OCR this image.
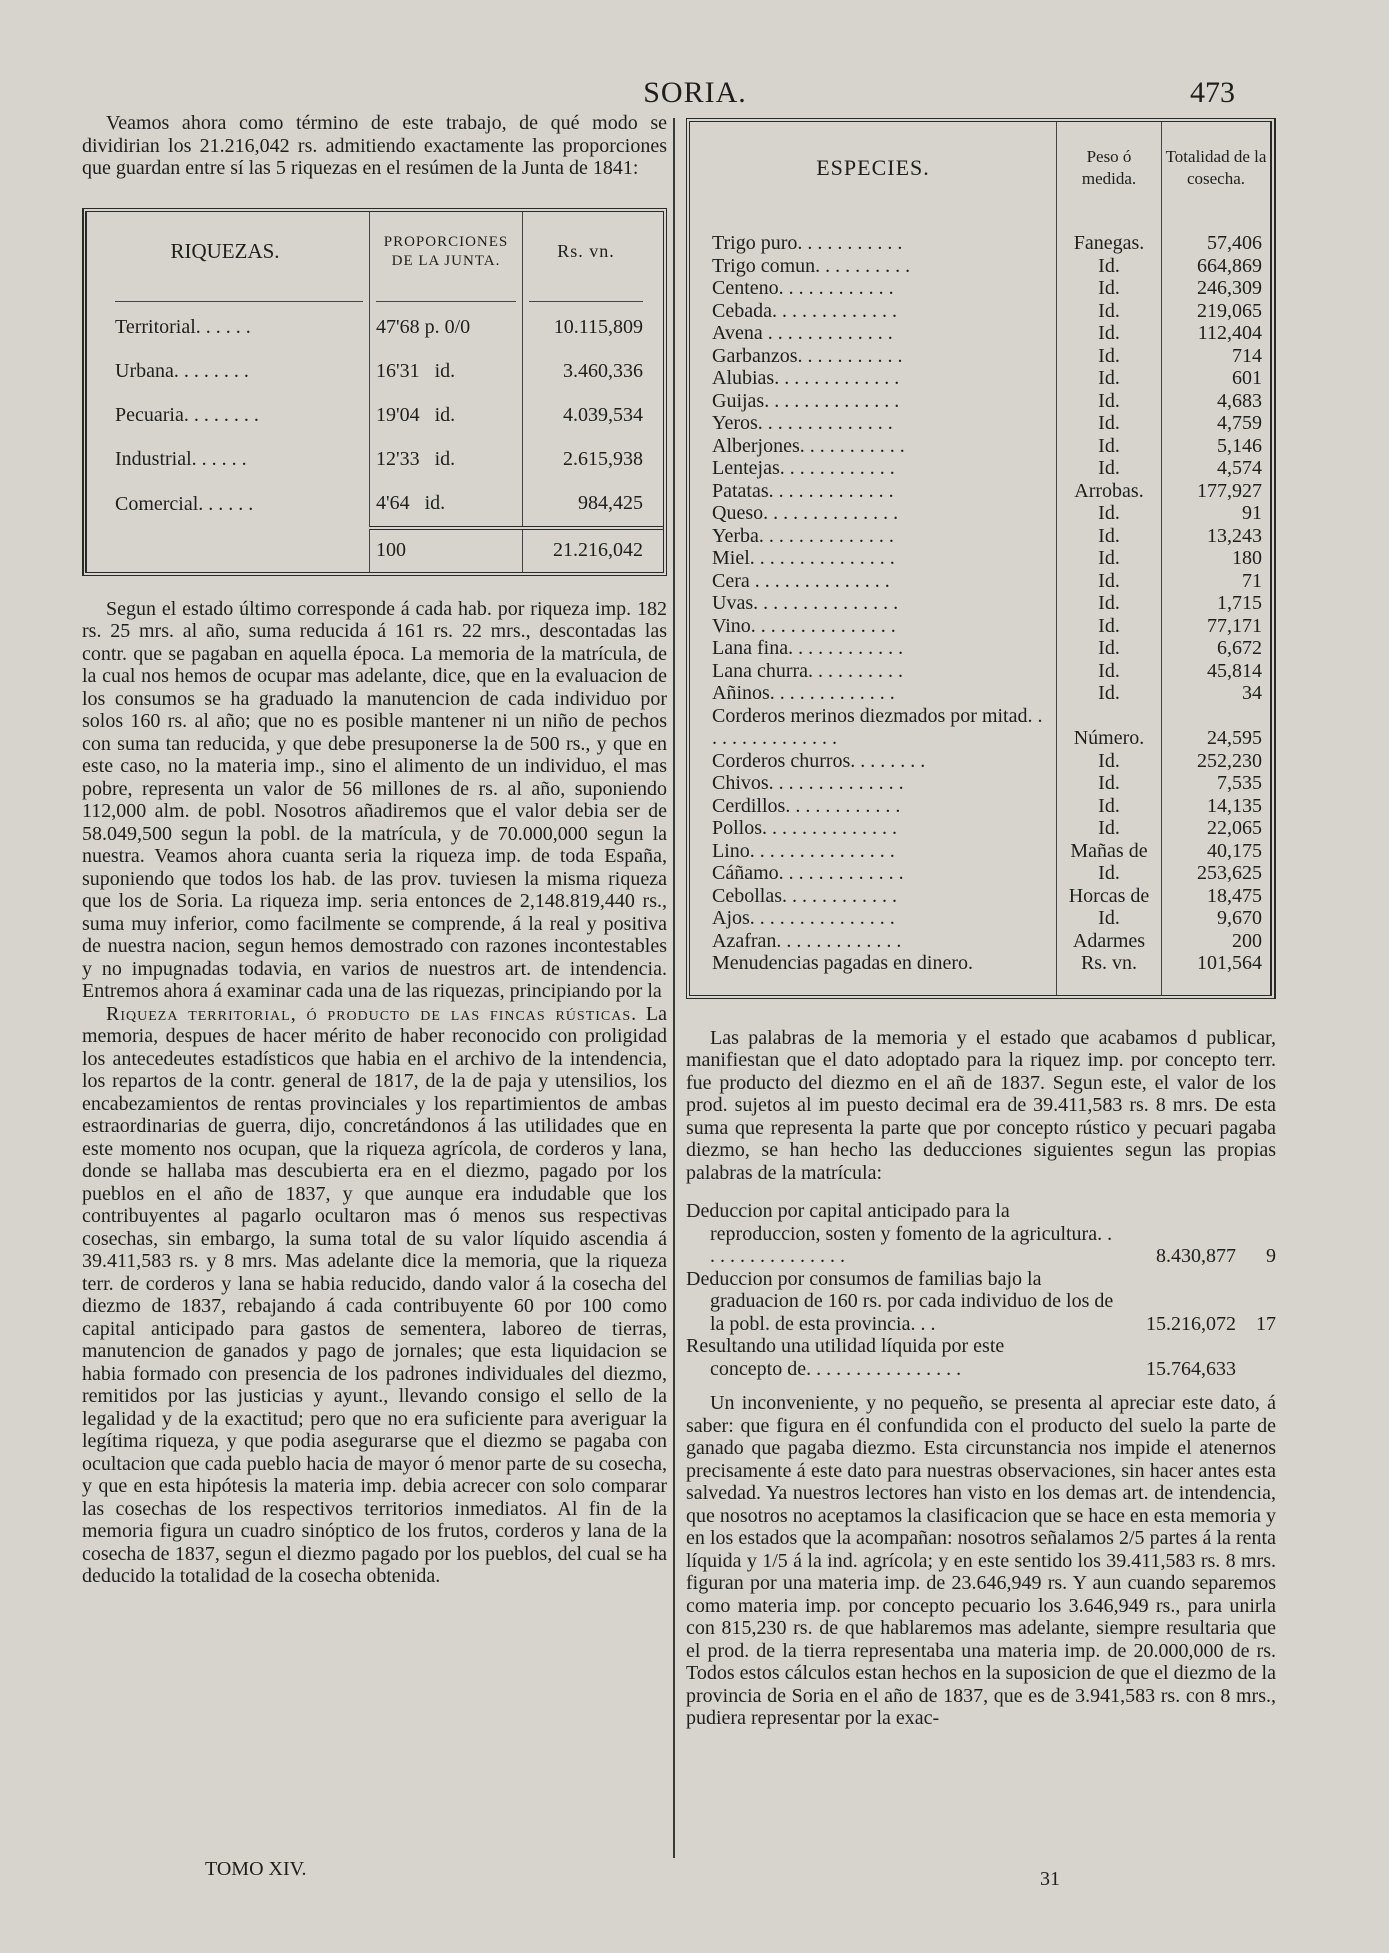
SORIA.	473

Veamos ahora como término de este trabajo, de qué modo se dividirian los 21.216,042 rs. admitiendo exactamente las proporciones que guardan entre sí las 5 riquezas en el resúmen de la Junta de 1841:

RIQUEZAS.	PROPORCIONES DE LA JUNTA.	Rs. vn.

Territorial. . . . . .	47'68 p. 0/0	10.115,809
Urbana. . . . . . . .	16'31 id.	3.460,336
Pecuaria. . . . . . . .	19'04 id.	4.039,534
Industrial. . . . . .	12'33 id.	2.615,938
Comercial. . . . . .	4'64 id.	984,425
	100	21.216,042

Segun el estado último corresponde á cada hab. por riqueza imp. 182 rs. 25 mrs. al año, suma reducida á 161 rs. 22 mrs., descontadas las contr. que se pagaban en aquella época. La memoria de la matrícula, de la cual nos hemos de ocupar mas adelante, dice, que en la evaluacion de los consumos se ha graduado la manutencion de cada individuo por solos 160 rs. al año; que no es posible mantener ni un niño de pechos con suma tan reducida, y que debe presuponerse la de 500 rs., y que en este caso, no la materia imp., sino el alimento de un individuo, el mas pobre, representa un valor de 56 millones de rs. al año, suponiendo 112,000 alm. de pobl. Nosotros añadiremos que el valor debia ser de 58.049,500 segun la pobl. de la matrícula, y de 70.000,000 segun la nuestra. Veamos ahora cuanta seria la riqueza imp. de toda España, suponiendo que todos los hab. de las prov. tuviesen la misma riqueza que los de Soria. La riqueza imp. seria entonces de 2,148.819,440 rs., suma muy inferior, como facilmente se comprende, á la real y positiva de nuestra nacion, segun hemos demostrado con razones incontestables y no impugnadas todavia, en varios de nuestros art. de intendencia. Entremos ahora á examinar cada una de las riquezas, principiando por la

Riqueza territorial, ó producto de las fincas rústicas. La memoria, despues de hacer mérito de haber reconocido con proligidad los antecedeutes estadísticos que habia en el archivo de la intendencia, los repartos de la contr. general de 1817, de la de paja y utensilios, los encabezamientos de rentas provinciales y los repartimientos de ambas estraordinarias de guerra, dijo, concretándonos á las utilidades que en este momento nos ocupan, que la riqueza agrícola, de corderos y lana, donde se hallaba mas descubierta era en el diezmo, pagado por los pueblos en el año de 1837, y que aunque era indudable que los contribuyentes al pagarlo ocultaron mas ó menos sus respectivas cosechas, sin embargo, la suma total de su valor líquido ascendia á 39.411,583 rs. y 8 mrs. Mas adelante dice la memoria, que la riqueza terr. de corderos y lana se habia reducido, dando valor á la cosecha del diezmo de 1837, rebajando á cada contribuyente 60 por 100 como capital anticipado para gastos de sementera, laboreo de tierras, manutencion de ganados y pago de jornales; que esta liquidacion se habia formado con presencia de los padrones individuales del diezmo, remitidos por las justicias y ayunt., llevando consigo el sello de la legalidad y de la exactitud; pero que no era suficiente para averiguar la legítima riqueza, y que podia asegurarse que el diezmo se pagaba con ocultacion que cada pueblo hacia de mayor ó menor parte de su cosecha, y que en esta hipótesis la materia imp. debia acrecer con solo comparar las cosechas de los respectivos territorios inmediatos. Al fin de la memoria figura un cuadro sinóptico de los frutos, corderos y lana de la cosecha de 1837, segun el diezmo pagado por los pueblos, del cual se ha deducido la totalidad de la cosecha obtenida.

ESPECIES.	Peso ó medida.	Totalidad de la cosecha.

Trigo puro. . . . . . . . . . .	Fanegas.	57,406
Trigo comun. . . . . . . . . .	Id.	664,869
Centeno. . . . . . . . . . . .	Id.	246,309
Cebada. . . . . . . . . . . . .	Id.	219,065
Avena . . . . . . . . . . . . .	Id.	112,404
Garbanzos. . . . . . . . . . .	Id.	714
Alubias. . . . . . . . . . . . .	Id.	601
Guijas. . . . . . . . . . . . . .	Id.	4,683
Yeros. . . . . . . . . . . . . .	Id.	4,759
Alberjones. . . . . . . . . . .	Id.	5,146
Lentejas. . . . . . . . . . . .	Id.	4,574
Patatas. . . . . . . . . . . . .	Arrobas.	177,927
Queso. . . . . . . . . . . . . .	Id.	91
Yerba. . . . . . . . . . . . . .	Id.	13,243
Miel. . . . . . . . . . . . . . .	Id.	180
Cera . . . . . . . . . . . . . .	Id.	71
Uvas. . . . . . . . . . . . . . .	Id.	1,715
Vino. . . . . . . . . . . . . . .	Id.	77,171
Lana fina. . . . . . . . . . . .	Id.	6,672
Lana churra. . . . . . . . . .	Id.	45,814
Añinos. . . . . . . . . . . . .	Id.	34
Corderos merinos diezmados por mitad. . . . . . . . . . . . . . .	Número.	24,595
Corderos churros. . . . . . . .	Id.	252,230
Chivos. . . . . . . . . . . . . .	Id.	7,535
Cerdillos. . . . . . . . . . . .	Id.	14,135
Pollos. . . . . . . . . . . . . .	Id.	22,065
Lino. . . . . . . . . . . . . . .	Mañas de	40,175
Cáñamo. . . . . . . . . . . . .	Id.	253,625
Cebollas. . . . . . . . . . . .	Horcas de	18,475
Ajos. . . . . . . . . . . . . . .	Id.	9,670
Azafran. . . . . . . . . . . . .	Adarmes	200
Menudencias pagadas en dinero.	Rs. vn.	101,564

Las palabras de la memoria y el estado que acabamos d publicar, manifiestan que el dato adoptado para la riquez imp. por concepto terr. fue producto del diezmo en el añ de 1837. Segun este, el valor de los prod. sujetos al im puesto decimal era de 39.411,583 rs. 8 mrs. De esta suma que representa la parte que por concepto rústico y pecuari pagaba diezmo, se han hecho las deducciones siguientes segun las propias palabras de la matrícula:

Deduccion por capital anticipado para la
reproduccion, sosten y fomento de la agricultura. . . . . . . . . . . . . . . .	8.430,877	9
Deduccion por consumos de familias bajo la
graduacion de 160 rs. por cada individuo de los de la pobl. de esta provincia. . .	15.216,072	17
Resultando una utilidad líquida por este
concepto de. . . . . . . . . . . . . . . .	15.764,633

Un inconveniente, y no pequeño, se presenta al apreciar este dato, á saber: que figura en él confundida con el producto del suelo la parte de ganado que pagaba diezmo. Esta circunstancia nos impide el atenernos precisamente á este dato para nuestras observaciones, sin hacer antes esta salvedad. Ya nuestros lectores han visto en los demas art. de intendencia, que nosotros no aceptamos la clasificacion que se hace en esta memoria y en los estados que la acompañan: nosotros señalamos 2/5 partes á la renta líquida y 1/5 á la ind. agrícola; y en este sentido los 39.411,583 rs. 8 mrs. figuran por una materia imp. de 23.646,949 rs. Y aun cuando separemos como materia imp. por concepto pecuario los 3.646,949 rs., para unirla con 815,230 rs. de que hablaremos mas adelante, siempre resultaria que el prod. de la tierra representaba una materia imp. de 20.000,000 de rs. Todos estos cálculos estan hechos en la suposicion de que el diezmo de la provincia de Soria en el año de 1837, que es de 3.941,583 rs. con 8 mrs., pudiera representar por la exac-

TOMO XIV.	31
